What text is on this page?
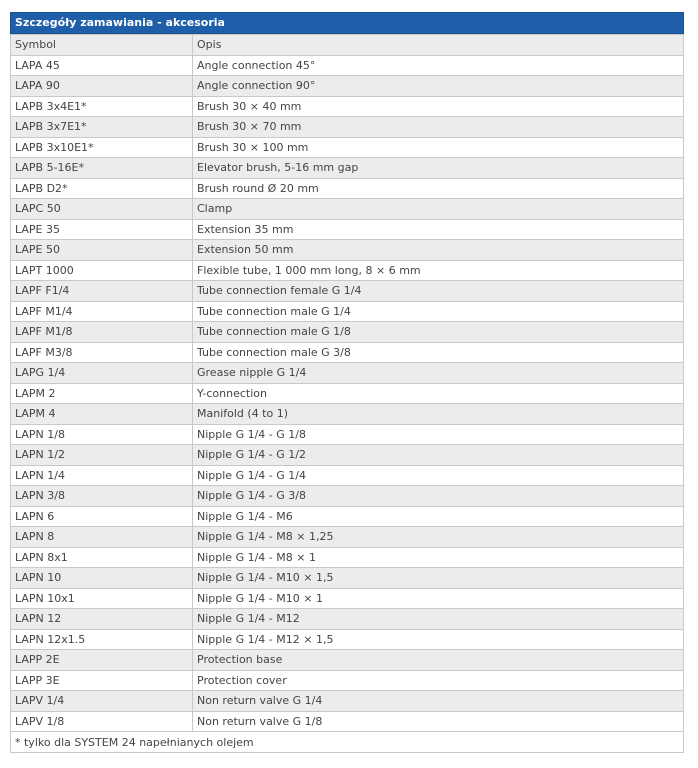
Szczegóły zamawiania - akcesoria
Symbol	Opis
LAPA 45	Angle connection 45°
LAPA 90	Angle connection 90°
LAPB 3x4E1*	Brush 30 × 40 mm
LAPB 3x7E1*	Brush 30 × 70 mm
LAPB 3x10E1*	Brush 30 × 100 mm
LAPB 5-16E*	Elevator brush, 5-16 mm gap
LAPB D2*	Brush round Ø 20 mm
LAPC 50	Clamp
LAPE 35	Extension 35 mm
LAPE 50	Extension 50 mm
LAPT 1000	Flexible tube, 1 000 mm long, 8 × 6 mm
LAPF F1/4	Tube connection female G 1/4
LAPF M1/4	Tube connection male G 1/4
LAPF M1/8	Tube connection male G 1/8
LAPF M3/8	Tube connection male G 3/8
LAPG 1/4	Grease nipple G 1/4
LAPM 2	Y-connection
LAPM 4	Manifold (4 to 1)
LAPN 1/8	Nipple G 1/4 - G 1/8
LAPN 1/2	Nipple G 1/4 - G 1/2
LAPN 1/4	Nipple G 1/4 - G 1/4
LAPN 3/8	Nipple G 1/4 - G 3/8
LAPN 6	Nipple G 1/4 - M6
LAPN 8	Nipple G 1/4 - M8 × 1,25
LAPN 8x1	Nipple G 1/4 - M8 × 1
LAPN 10	Nipple G 1/4 - M10 × 1,5
LAPN 10x1	Nipple G 1/4 - M10 × 1
LAPN 12	Nipple G 1/4 - M12
LAPN 12x1.5	Nipple G 1/4 - M12 × 1,5
LAPP 2E	Protection base
LAPP 3E	Protection cover
LAPV 1/4	Non return valve G 1/4
LAPV 1/8	Non return valve G 1/8
* tylko dla SYSTEM 24 napełnianych olejem	
